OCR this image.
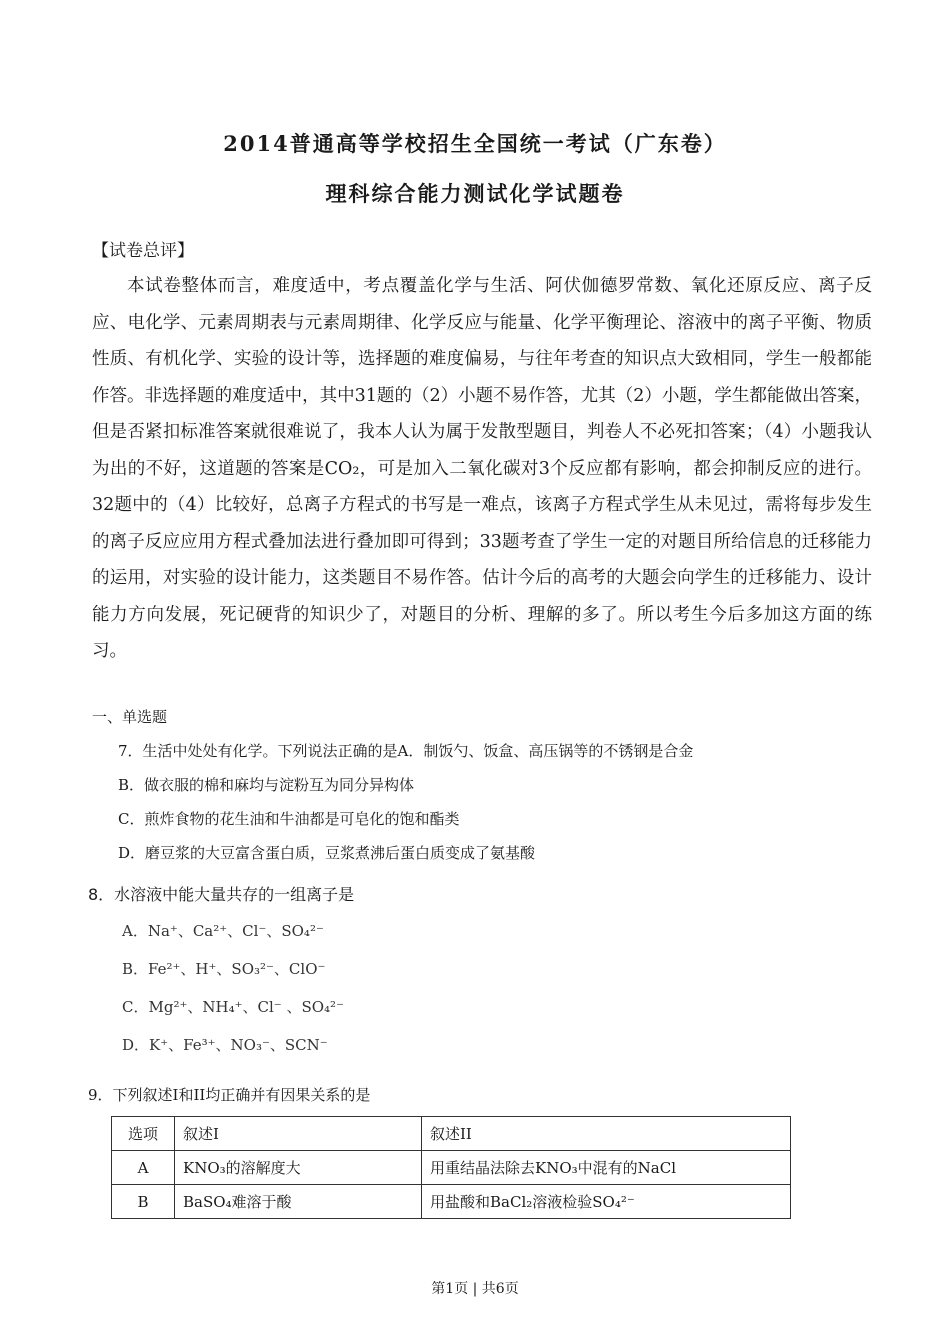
2014普通高等学校招生全国统一考试（广东卷）
理科综合能力测试化学试题卷
【试卷总评】
本试卷整体而言，难度适中，考点覆盖化学与生活、阿伏伽德罗常数、氧化还原反应、离子反应、电化学、元素周期表与元素周期律、化学反应与能量、化学平衡理论、溶液中的离子平衡、物质性质、有机化学、实验的设计等，选择题的难度偏易，与往年考查的知识点大致相同，学生一般都能作答。非选择题的难度适中，其中31题的（2）小题不易作答，尤其（2）小题，学生都能做出答案，但是否紧扣标准答案就很难说了，我本人认为属于发散型题目，判卷人不必死扣答案；（4）小题我认为出的不好，这道题的答案是CO₂，可是加入二氧化碳对3个反应都有影响，都会抑制反应的进行。32题中的（4）比较好，总离子方程式的书写是一难点，该离子方程式学生从未见过，需将每步发生的离子反应应用方程式叠加法进行叠加即可得到；33题考查了学生一定的对题目所给信息的迁移能力的运用，对实验的设计能力，这类题目不易作答。估计今后的高考的大题会向学生的迁移能力、设计能力方向发展，死记硬背的知识少了，对题目的分析、理解的多了。所以考生今后多加这方面的练习。
一、单选题
7．生活中处处有化学。下列说法正确的是A．制饭勺、饭盒、高压锅等的不锈钢是合金
B．做衣服的棉和麻均与淀粉互为同分异构体
C．煎炸食物的花生油和牛油都是可皂化的饱和酯类
D．磨豆浆的大豆富含蛋白质，豆浆煮沸后蛋白质变成了氨基酸
8．水溶液中能大量共存的一组离子是
A．Na⁺、Ca²⁺、Cl⁻、SO₄²⁻
B．Fe²⁺、H⁺、SO₃²⁻、ClO⁻
C．Mg²⁺、NH₄⁺、Cl⁻ 、SO₄²⁻
D．K⁺、Fe³⁺、NO₃⁻、SCN⁻
9．下列叙述I和II均正确并有因果关系的是
选项	叙述I	叙述II
A	KNO₃的溶解度大	用重结晶法除去KNO₃中混有的NaCl
B	BaSO₄难溶于酸	用盐酸和BaCl₂溶液检验SO₄²⁻
第1页 | 共6页
